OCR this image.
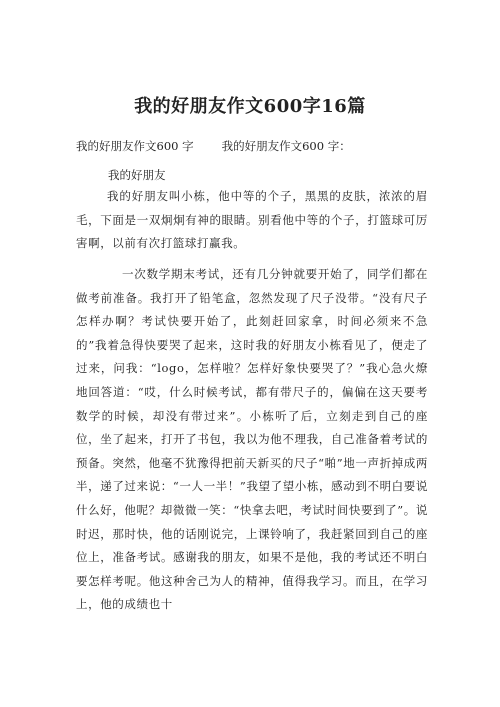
我的好朋友作文600字16篇
我的好朋友作文600 字 我的好朋友作文600 字：
我的好朋友

我的好朋友叫小栋，他中等的个子，黑黑的皮肤，浓浓的眉毛，下面是一双炯炯有神的眼睛。别看他中等的个子，打篮球可厉害啊，以前有次打篮球打赢我。

一次数学期末考试，还有几分钟就要开始了，同学们都在做考前准备。我打开了铅笔盒，忽然发现了尺子没带。“没有尺子怎样办啊？考试快要开始了，此刻赶回家拿，时间必须来不急的”我着急得快要哭了起来，这时我的好朋友小栋看见了，便走了过来，问我：“logo，怎样啦？怎样好象快要哭了？”我心急火燎地回答道：“哎，什么时候考试，都有带尺子的，偏偏在这天要考数学的时候，却没有带过来”。小栋听了后，立刻走到自己的座位，坐了起来，打开了书包，我以为他不理我，自己准备着考试的预备。突然，他毫不犹豫得把前天新买的尺子“啪”地一声折掉成两半，递了过来说：“一人一半！”我望了望小栋，感动到不明白要说什么好，他呢？却微微一笑：“快拿去吧，考试时间快要到了”。说时迟，那时快，他的话刚说完，上课铃响了，我赶紧回到自己的座位上，准备考试。感谢我的朋友，如果不是他，我的考试还不明白要怎样考呢。他这种舍己为人的精神，值得我学习。而且，在学习上，他的成绩也十
